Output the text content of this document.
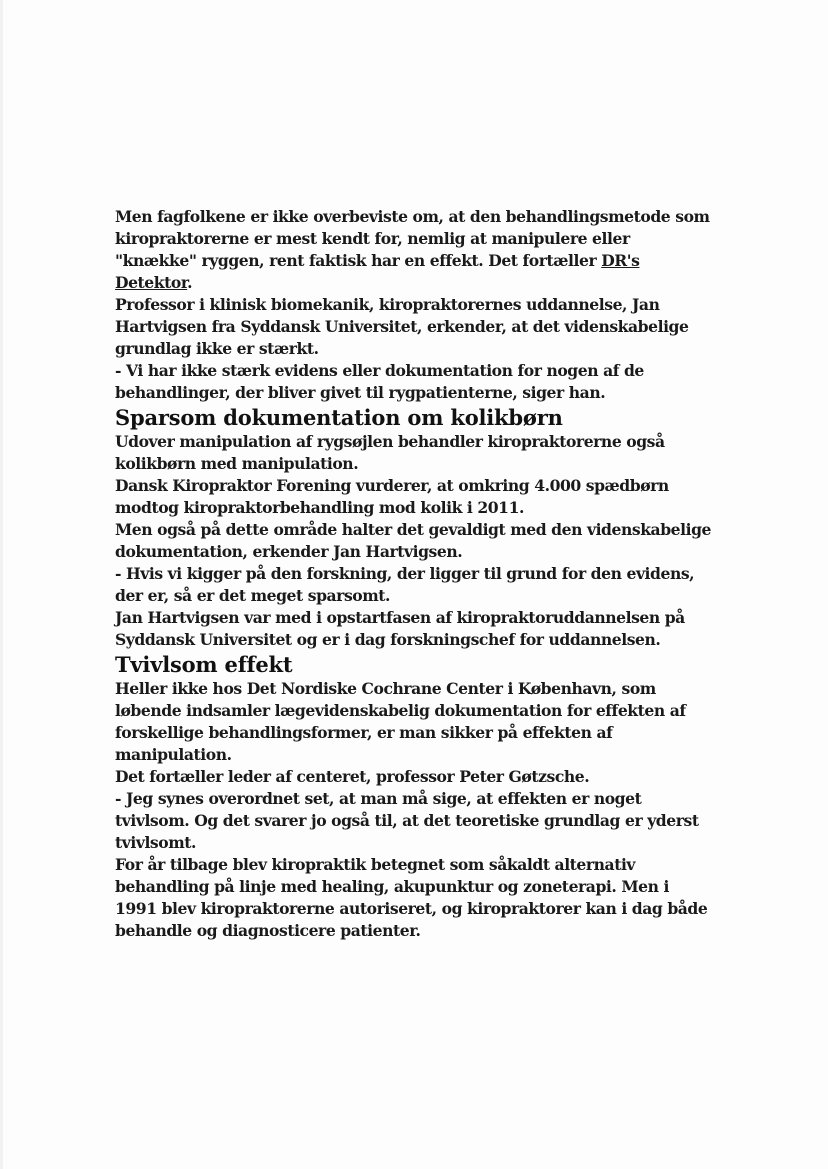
Men fagfolkene er ikke overbeviste om, at den behandlingsmetode som kiropraktorerne er mest kendt for, nemlig at manipulere eller "knække" ryggen, rent faktisk har en effekt. Det fortæller DR's Detektor.

Professor i klinisk biomekanik, kiropraktorernes uddannelse, Jan Hartvigsen fra Syddansk Universitet, erkender, at det videnskabelige grundlag ikke er stærkt.

- Vi har ikke stærk evidens eller dokumentation for nogen af de behandlinger, der bliver givet til rygpatienterne, siger han.

Sparsom dokumentation om kolikbørn

Udover manipulation af rygsøjlen behandler kiropraktorerne også kolikbørn med manipulation.

Dansk Kiropraktor Forening vurderer, at omkring 4.000 spædbørn modtog kiropraktorbehandling mod kolik i 2011.

Men også på dette område halter det gevaldigt med den videnskabelige dokumentation, erkender Jan Hartvigsen.

- Hvis vi kigger på den forskning, der ligger til grund for den evidens, der er, så er det meget sparsomt.

Jan Hartvigsen var med i opstartfasen af kiropraktoruddannelsen på Syddansk Universitet og er i dag forskningschef for uddannelsen.

Tvivlsom effekt

Heller ikke hos Det Nordiske Cochrane Center i København, som løbende indsamler lægevidenskabelig dokumentation for effekten af forskellige behandlingsformer, er man sikker på effekten af manipulation.

Det fortæller leder af centeret, professor Peter Gøtzsche.

- Jeg synes overordnet set, at man må sige, at effekten er noget tvivlsom. Og det svarer jo også til, at det teoretiske grundlag er yderst tvivlsomt.

For år tilbage blev kiropraktik betegnet som såkaldt alternativ behandling på linje med healing, akupunktur og zoneterapi. Men i 1991 blev kiropraktorerne autoriseret, og kiropraktorer kan i dag både behandle og diagnosticere patienter.
